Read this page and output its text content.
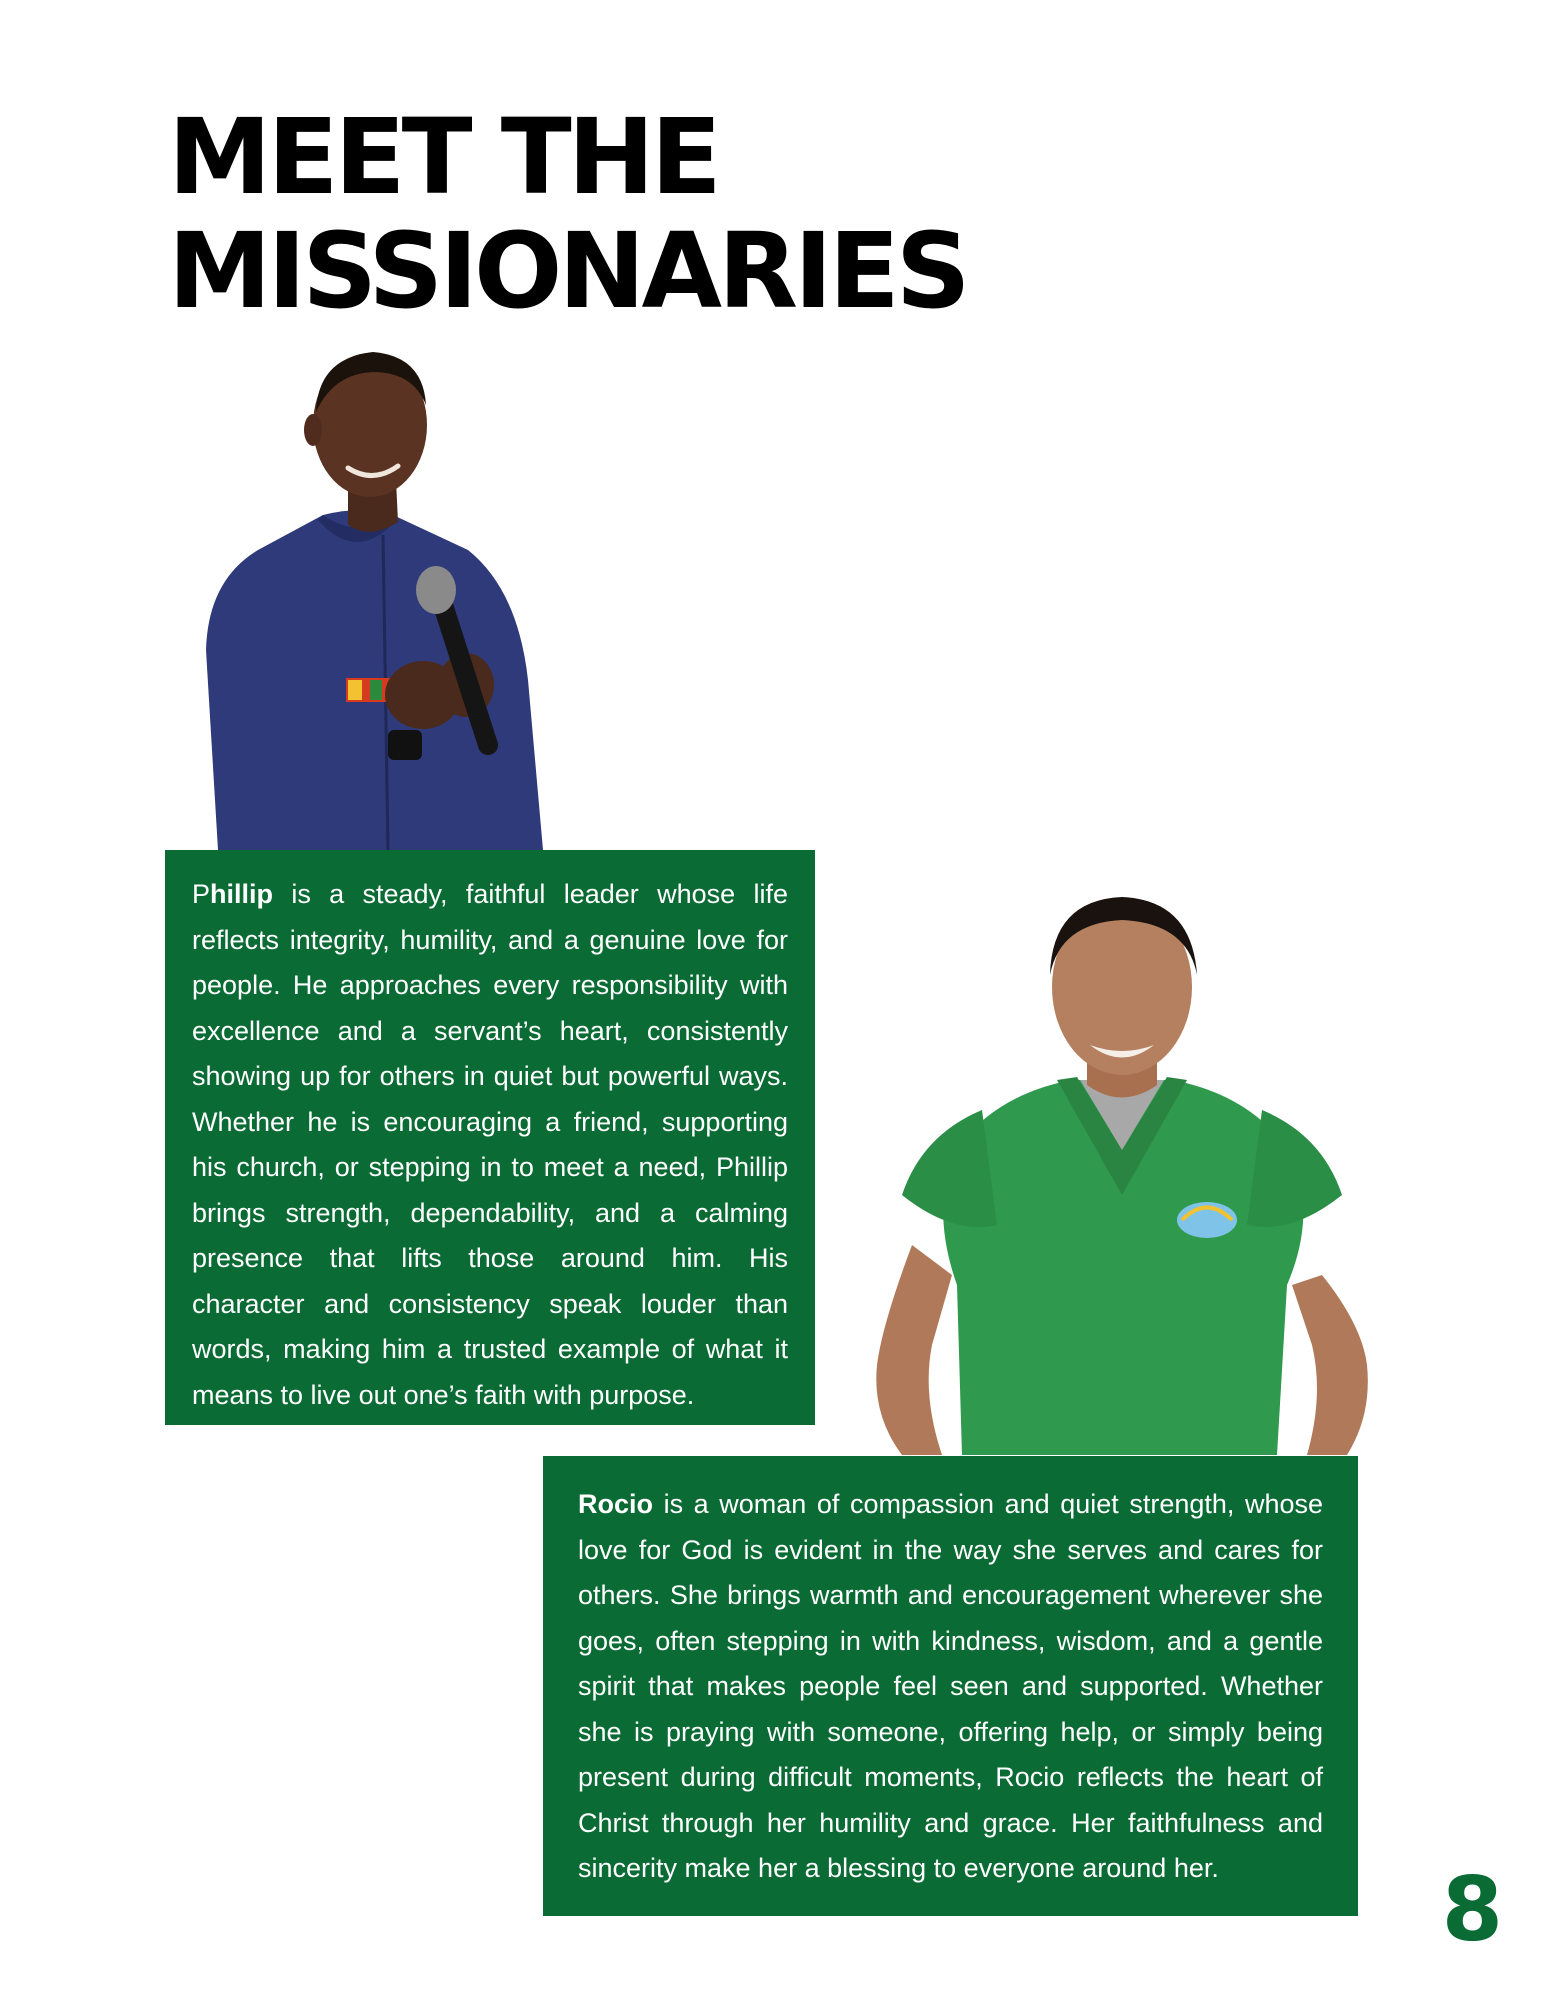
MEET THE
MISSIONARIES
Phillip is a steady, faithful leader whose life reflects integrity, humility, and a genuine love for people. He approaches every responsibility with excellence and a servant’s heart, consistently showing up for others in quiet but powerful ways. Whether he is encouraging a friend, supporting his church, or stepping in to meet a need, Phillip brings strength, dependability, and a calming presence that lifts those around him. His character and consistency speak louder than words, making him a trusted example of what it means to live out one’s faith with purpose.
Rocio is a woman of compassion and quiet strength, whose love for God is evident in the way she serves and cares for others. She brings warmth and encouragement wherever she goes, often stepping in with kindness, wisdom, and a gentle spirit that makes people feel seen and supported. Whether she is praying with someone, offering help, or simply being present during difficult moments, Rocio reflects the heart of Christ through her humility and grace. Her faithfulness and sincerity make her a blessing to everyone around her.	8
